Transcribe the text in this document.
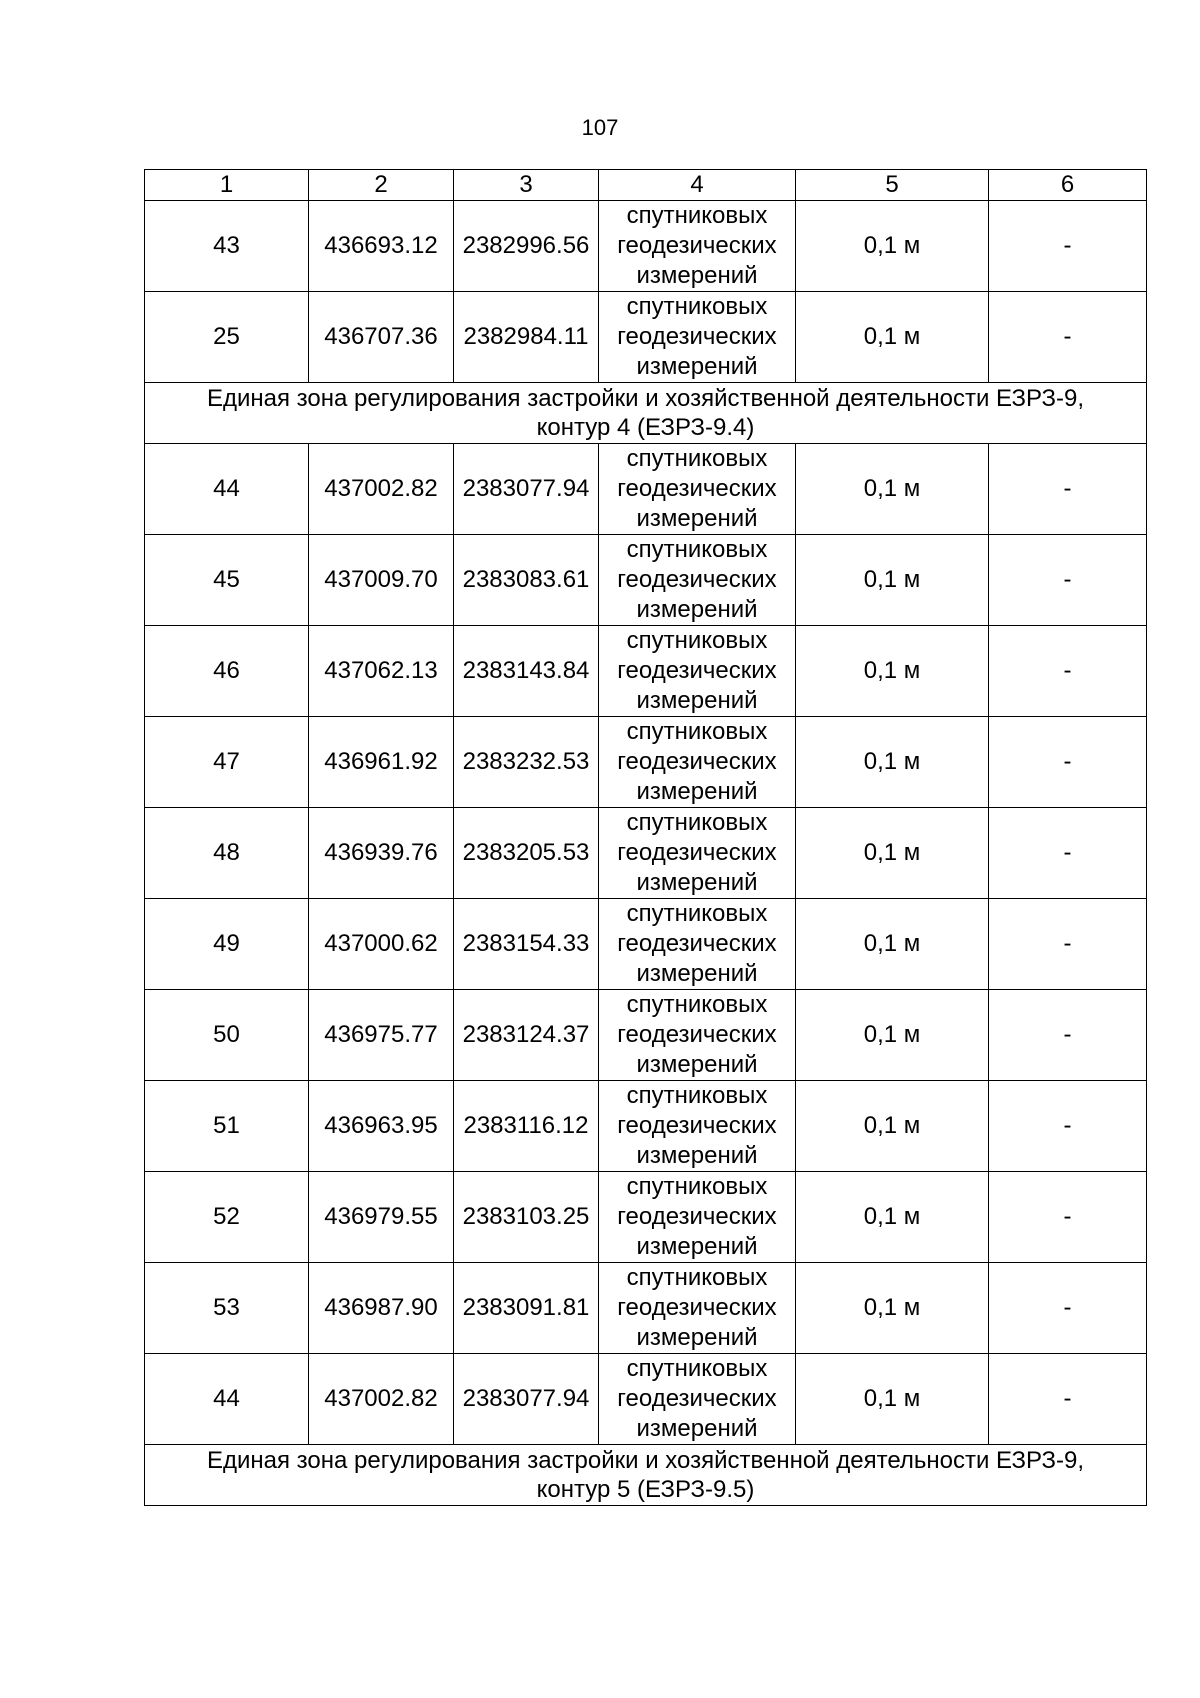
107
1	2	3	4	5	6
43	436693.12	2382996.56	спутниковых
геодезических
измерений	0,1 м	-
25	436707.36	2382984.11	спутниковых
геодезических
измерений	0,1 м	-

Единая зона регулирования застройки и хозяйственной деятельности ЕЗРЗ-9,
контур 4 (ЕЗРЗ-9.4)					

44	437002.82	2383077.94	спутниковых
геодезических
измерений	0,1 м	-
45	437009.70	2383083.61	спутниковых
геодезических
измерений	0,1 м	-
46	437062.13	2383143.84	спутниковых
геодезических
измерений	0,1 м	-
47	436961.92	2383232.53	спутниковых
геодезических
измерений	0,1 м	-
48	436939.76	2383205.53	спутниковых
геодезических
измерений	0,1 м	-
49	437000.62	2383154.33	спутниковых
геодезических
измерений	0,1 м	-
50	436975.77	2383124.37	спутниковых
геодезических
измерений	0,1 м	-
51	436963.95	2383116.12	спутниковых
геодезических
измерений	0,1 м	-
52	436979.55	2383103.25	спутниковых
геодезических
измерений	0,1 м	-
53	436987.90	2383091.81	спутниковых
геодезических
измерений	0,1 м	-
44	437002.82	2383077.94	спутниковых
геодезических
измерений	0,1 м	-

Единая зона регулирования застройки и хозяйственной деятельности ЕЗРЗ-9,
контур 5 (ЕЗРЗ-9.5)					
